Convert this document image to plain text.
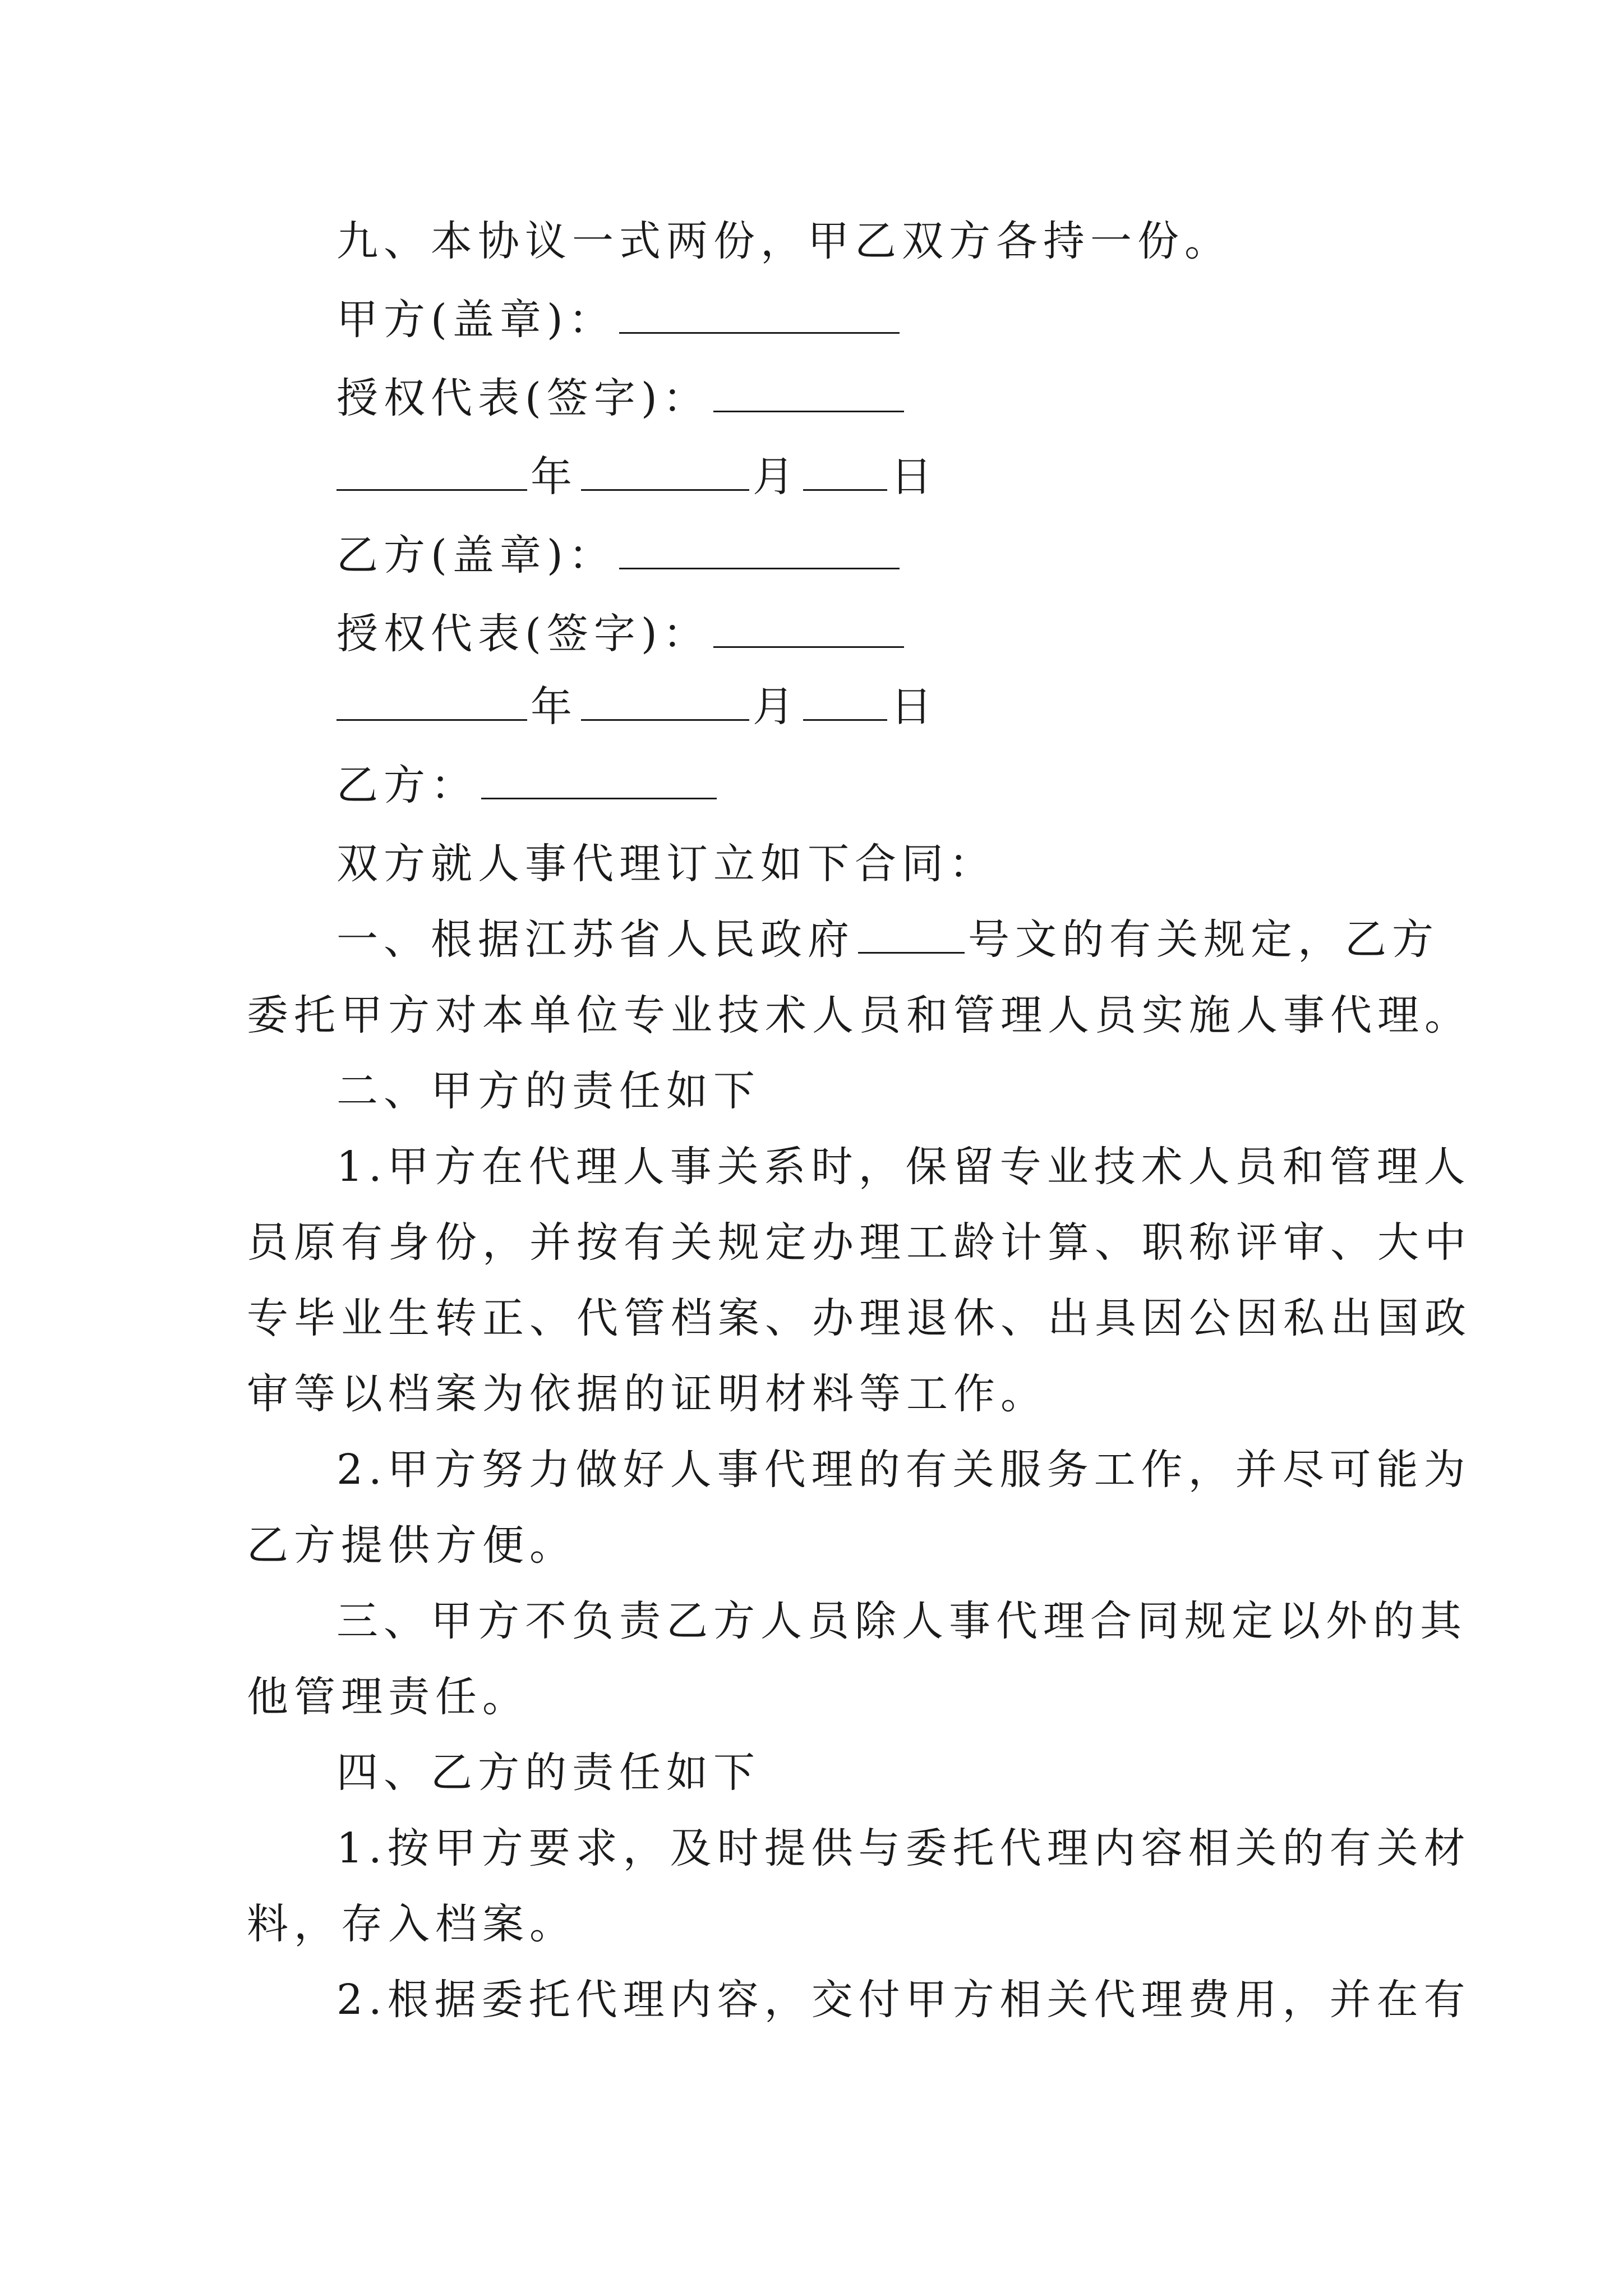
九、本协议一式两份，甲乙双方各持一份。
甲方(盖章)：
授权代表(签字)：
年	月 日
乙方(盖章)：
授权代表(签字)：
年	月 日
乙方：
双方就人事代理订立如下合同：
一、根据江苏省人民政府	号文的有关规定，乙方
委托甲方对本单位专业技术人员和管理人员实施人事代理。
二、甲方的责任如下
1.甲方在代理人事关系时，保留专业技术人员和管理人
员原有身份，并按有关规定办理工龄计算、职称评审、大中
专毕业生转正、代管档案、办理退休、出具因公因私出国政
审等以档案为依据的证明材料等工作。
2.甲方努力做好人事代理的有关服务工作，并尽可能为
乙方提供方便。
三、甲方不负责乙方人员除人事代理合同规定以外的其
他管理责任。
四、乙方的责任如下
1.按甲方要求，及时提供与委托代理内容相关的有关材
料，存入档案。
2.根据委托代理内容，交付甲方相关代理费用，并在有
